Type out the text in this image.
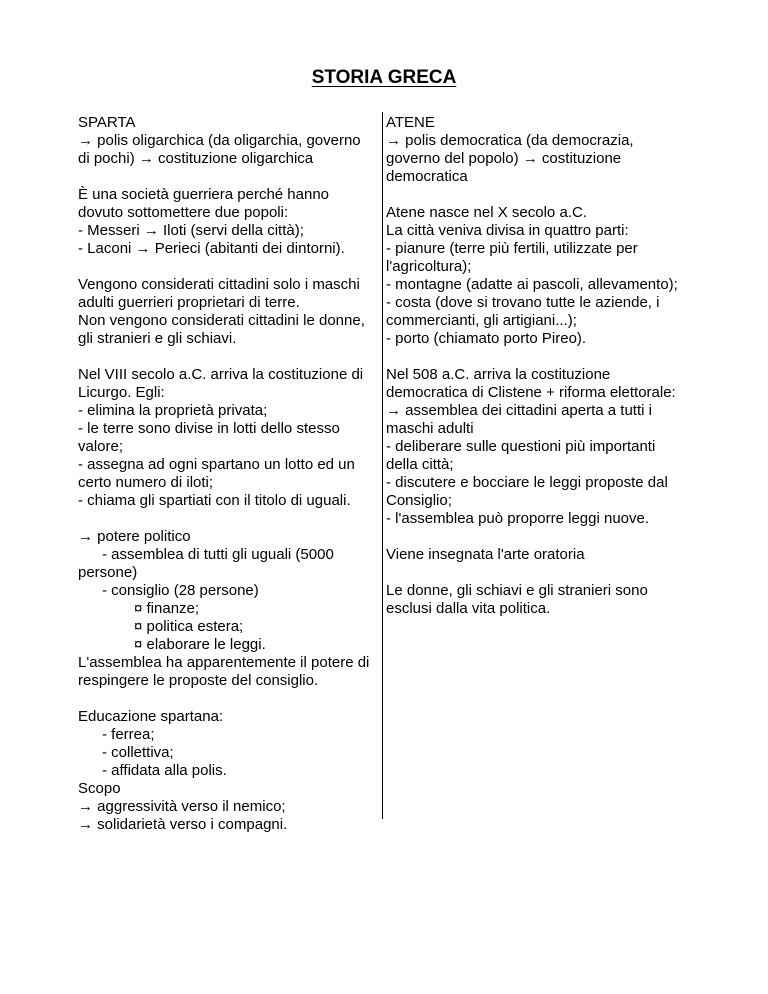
STORIA GRECA
SPARTA
→ polis oligarchica (da oligarchia, governo
di pochi) → costituzione oligarchica
È una società guerriera perché hanno
dovuto sottomettere due popoli:
- Messeri → Iloti (servi della città);
- Laconi → Perieci (abitanti dei dintorni).
Vengono considerati cittadini solo i maschi
adulti guerrieri proprietari di terre.
Non vengono considerati cittadini le donne,
gli stranieri e gli schiavi.
Nel VIII secolo a.C. arriva la costituzione di
Licurgo. Egli:
- elimina la proprietà privata;
- le terre sono divise in lotti dello stesso
valore;
- assegna ad ogni spartano un lotto ed un
certo numero di iloti;
- chiama gli spartiati con il titolo di uguali.
→ potere politico
- assemblea di tutti gli uguali (5000
persone)
- consiglio (28 persone)
¤ finanze;
¤ politica estera;
¤ elaborare le leggi.
L'assemblea ha apparentemente il potere di
respingere le proposte del consiglio.
Educazione spartana:
- ferrea;
- collettiva;
- affidata alla polis.
Scopo
→ aggressività verso il nemico;
→ solidarietà verso i compagni.
ATENE
→ polis democratica (da democrazia,
governo del popolo) → costituzione
democratica
Atene nasce nel X secolo a.C.
La città veniva divisa in quattro parti:
- pianure (terre più fertili, utilizzate per
l'agricoltura);
- montagne (adatte ai pascoli, allevamento);
- costa (dove si trovano tutte le aziende, i
commercianti, gli artigiani...);
- porto (chiamato porto Pireo).
Nel 508 a.C. arriva la costituzione
democratica di Clistene + riforma elettorale:
→ assemblea dei cittadini aperta a tutti i
maschi adulti
- deliberare sulle questioni più importanti
della città;
- discutere e bocciare le leggi proposte dal
Consiglio;
- l'assemblea può proporre leggi nuove.
Viene insegnata l'arte oratoria
Le donne, gli schiavi e gli stranieri sono
esclusi dalla vita politica.
